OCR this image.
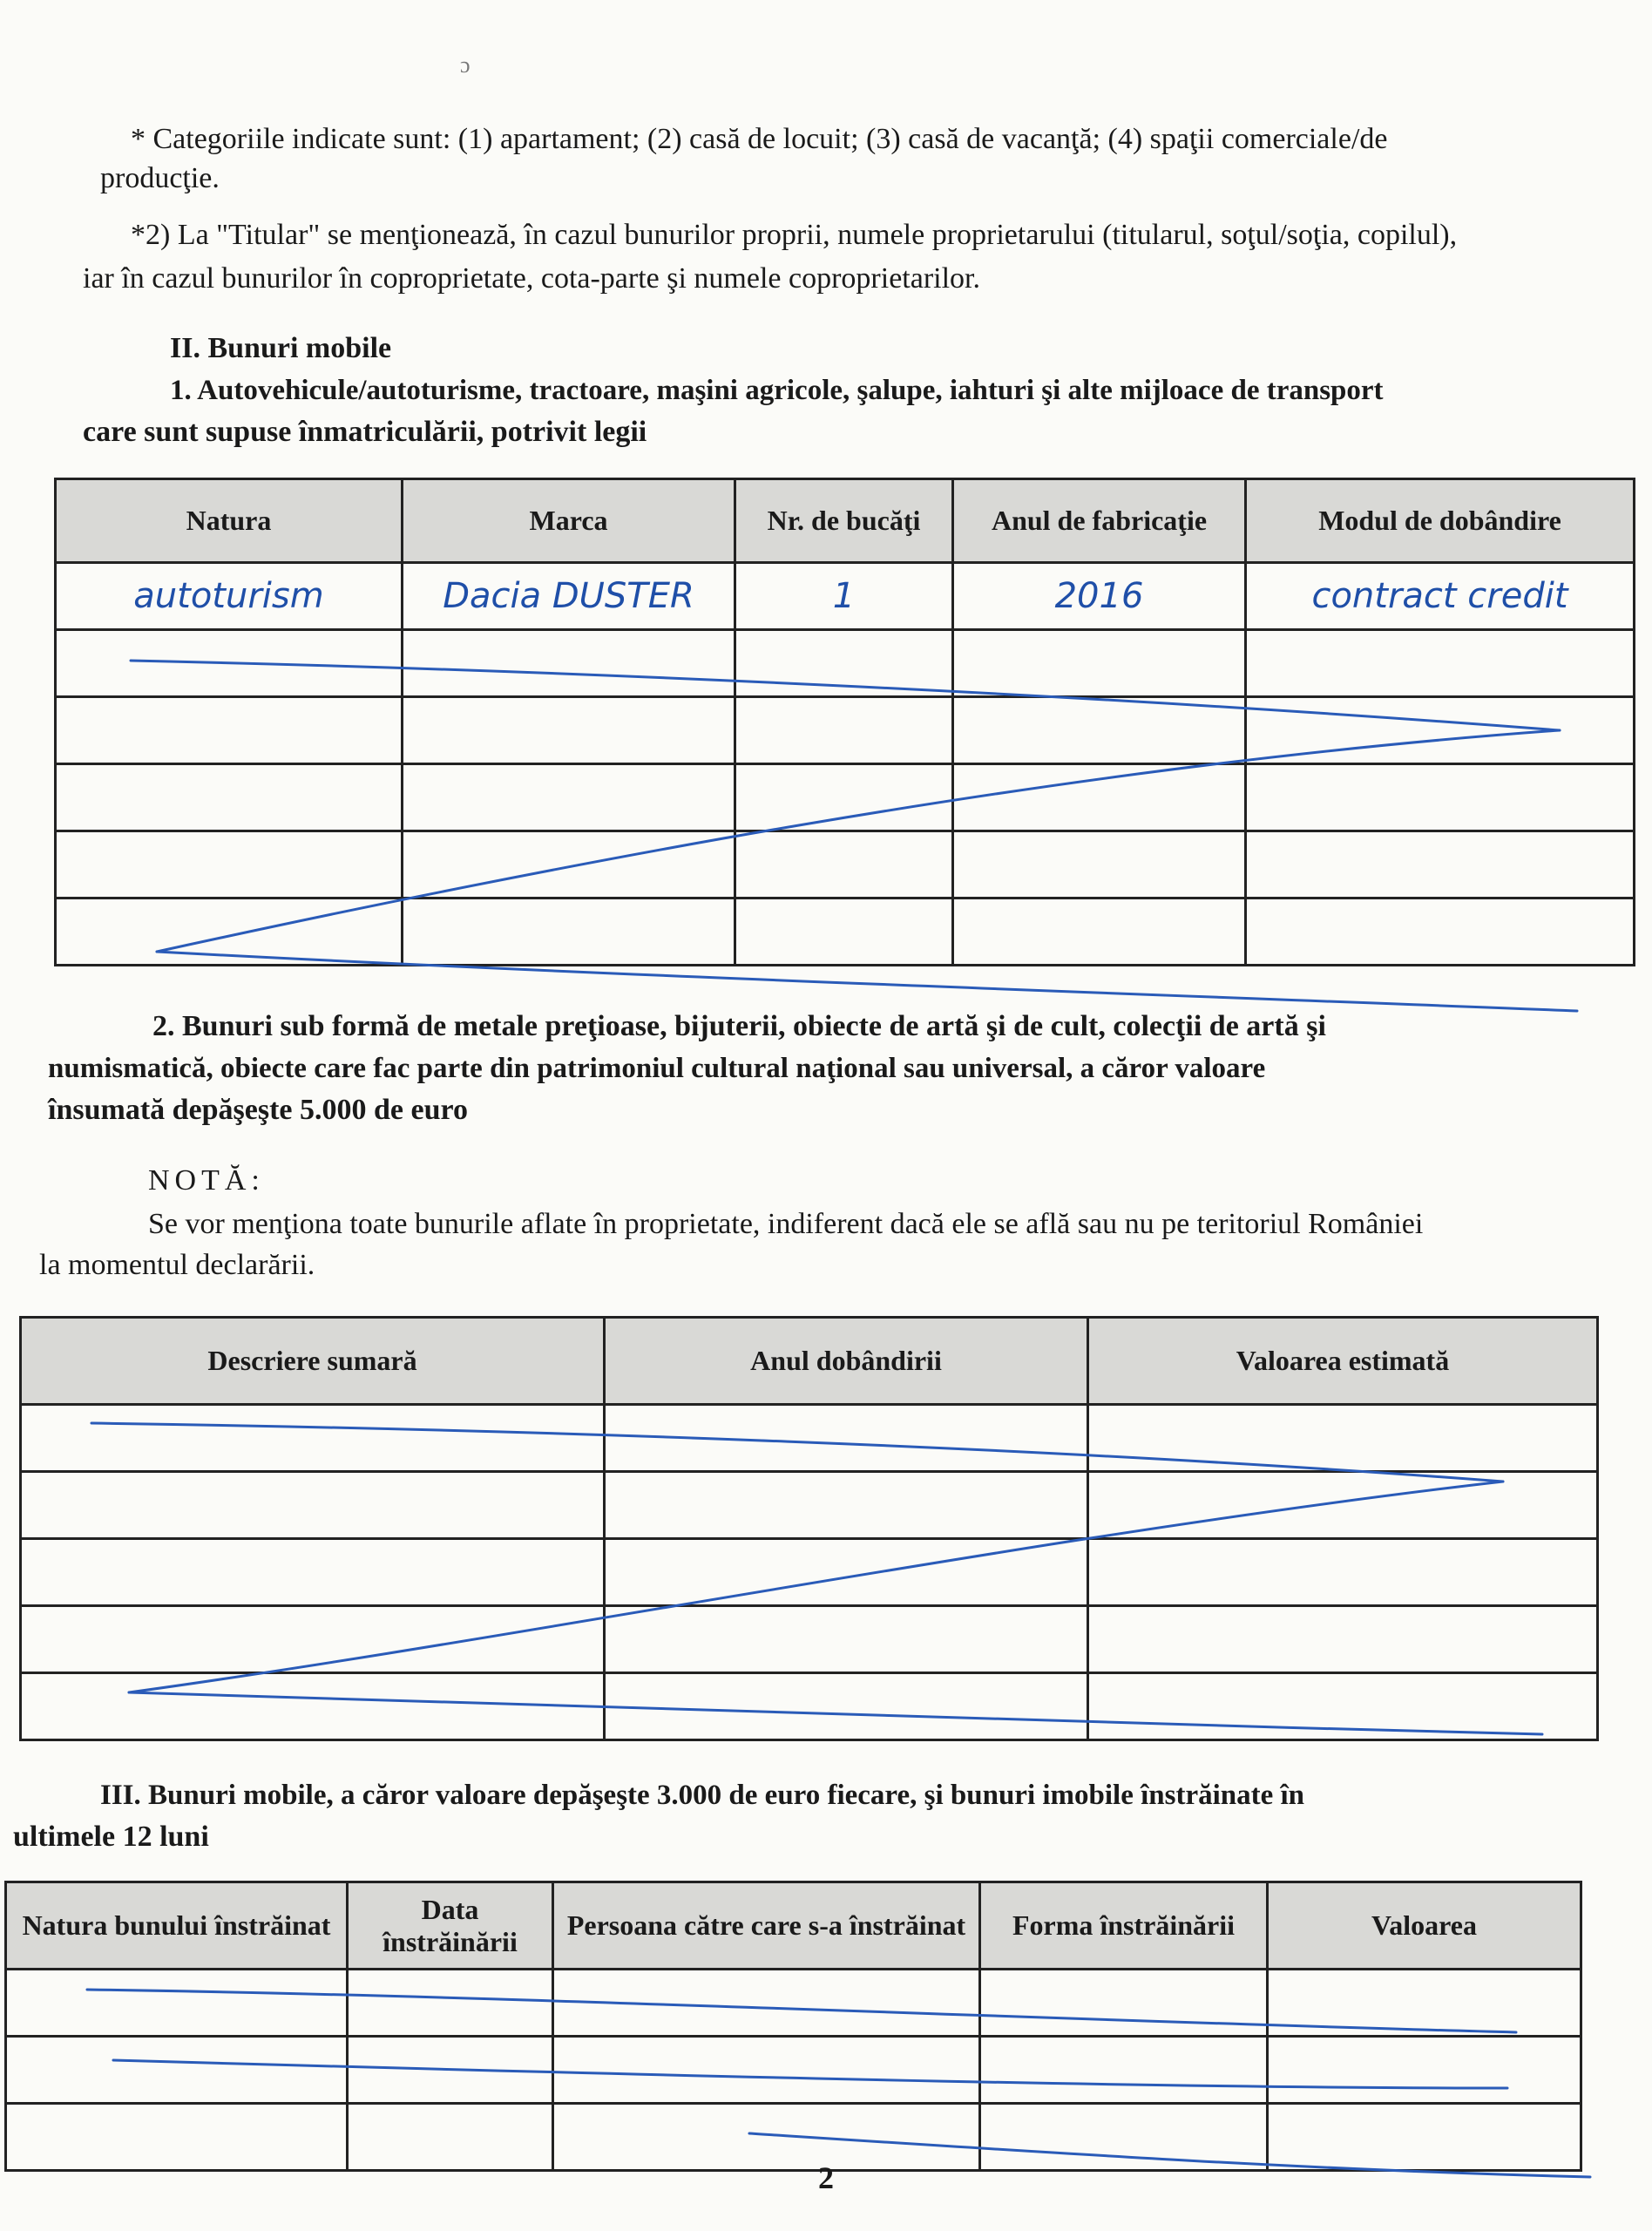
ɔ
* Categoriile indicate sunt: (1) apartament; (2) casă de locuit; (3) casă de vacanţă; (4) spaţii comerciale/de
producţie.
*2) La "Titular" se menţionează, în cazul bunurilor proprii, numele proprietarului (titularul, soţul/soţia, copilul),
iar în cazul bunurilor în coproprietate, cota-parte şi numele coproprietarilor.
II. Bunuri mobile
1. Autovehicule/autoturisme, tractoare, maşini agricole, şalupe, iahturi şi alte mijloace de transport
care sunt supuse înmatriculării, potrivit legii
Natura	Marca	Nr. de bucăţi	Anul de fabricaţie	Modul de dobândire
autoturism	Dacia DUSTER	1	2016	contract credit

2. Bunuri sub formă de metale preţioase, bijuterii, obiecte de artă şi de cult, colecţii de artă şi
numismatică, obiecte care fac parte din patrimoniul cultural naţional sau universal, a căror valoare
însumată depăşeşte 5.000 de euro
NOTĂ:
Se vor menţiona toate bunurile aflate în proprietate, indiferent dacă ele se află sau nu pe teritoriul României
la momentul declarării.
Descriere sumară	Anul dobândirii	Valoarea estimată

III. Bunuri mobile, a căror valoare depăşeşte 3.000 de euro fiecare, şi bunuri imobile înstrăinate în
ultimele 12 luni
Natura bunului înstrăinat	Data înstrăinării	Persoana către care s-a înstrăinat	Forma înstrăinării	Valoarea

2
